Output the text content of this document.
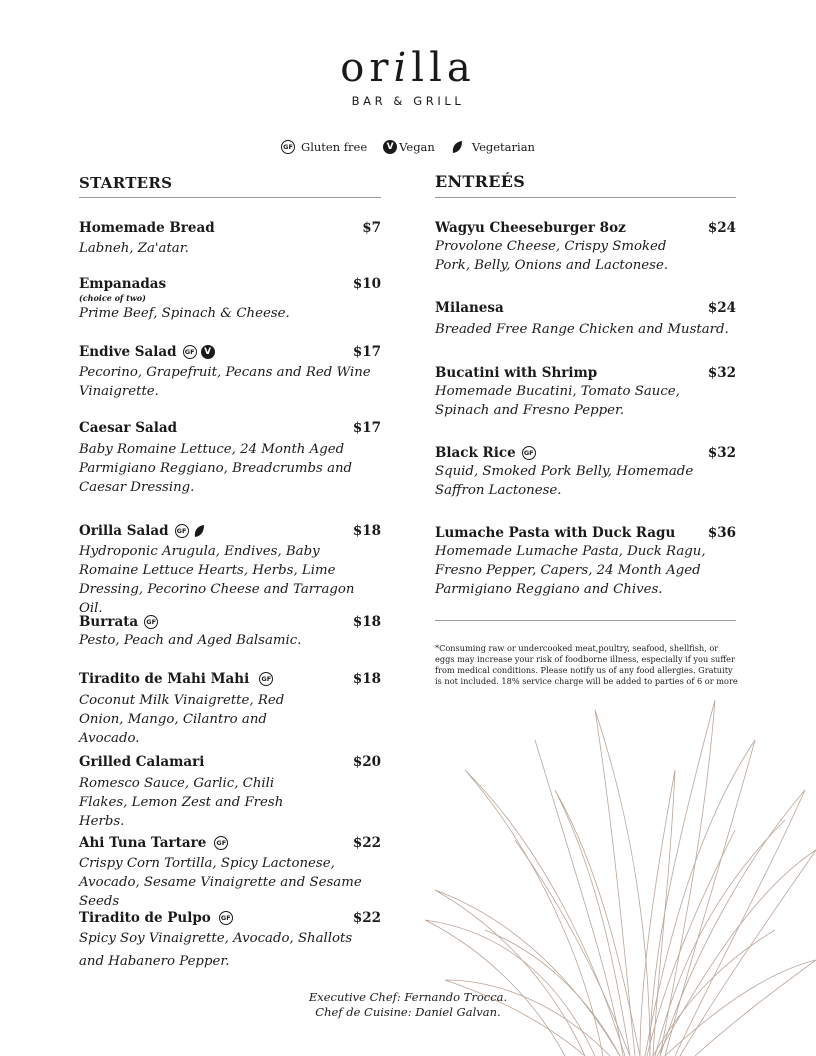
orilla
BAR & GRILL
GF Gluten free	V Vegan	Vegetarian
STARTERS	ENTREÉS
Homemade Bread	$7
Labneh, Za'atar.
Empanadas	$10
(choice of two)
Prime Beef, Spinach & Cheese.
Endive Salad	GF	V	$17
Pecorino, Grapefruit, Pecans and Red Wine Vinaigrette.
Caesar Salad	$17
Baby Romaine Lettuce, 24 Month Aged Parmigiano Reggiano, Breadcrumbs and Caesar Dressing.
Orilla Salad	GF	$18
Hydroponic Arugula, Endives, Baby Romaine Lettuce Hearts, Herbs, Lime Dressing, Pecorino Cheese and Tarragon Oil.
Burrata	GF	$18
Pesto, Peach and Aged Balsamic.
Tiradito de Mahi Mahi	GF	$18
Coconut Milk Vinaigrette, Red Onion, Mango, Cilantro and Avocado.
Grilled Calamari	$20
Romesco Sauce, Garlic, Chili Flakes, Lemon Zest and Fresh Herbs.
Ahi Tuna Tartare	GF	$22
Crispy Corn Tortilla, Spicy Lactonese, Avocado, Sesame Vinaigrette and Sesame Seeds
Tiradito de Pulpo	GF	$22
Spicy Soy Vinaigrette, Avocado, Shallots and Habanero Pepper.
Wagyu Cheeseburger 8oz	$24
Provolone Cheese, Crispy Smoked Pork, Belly, Onions and Lactonese.
Milanesa	$24
Breaded Free Range Chicken and Mustard.
Bucatini with Shrimp	$32
Homemade Bucatini, Tomato Sauce, Spinach and Fresno Pepper.
Black Rice	GF	$32
Squid, Smoked Pork Belly, Homemade Saffron Lactonese.
Lumache Pasta with Duck Ragu $36
Homemade Lumache Pasta, Duck Ragu, Fresno Pepper, Capers, 24 Month Aged Parmigiano Reggiano and Chives.
*Consuming raw or undercooked meat,poultry, seafood, shellfish, or eggs may increase your risk of foodborne illness, especially if you suffer from medical conditions. Please notify us of any food allergies. Gratuity is not included. 18% service charge will be added to parties of 6 or more
Executive Chef: Fernando Trocca.
Chef de Cuisine: Daniel Galvan.
